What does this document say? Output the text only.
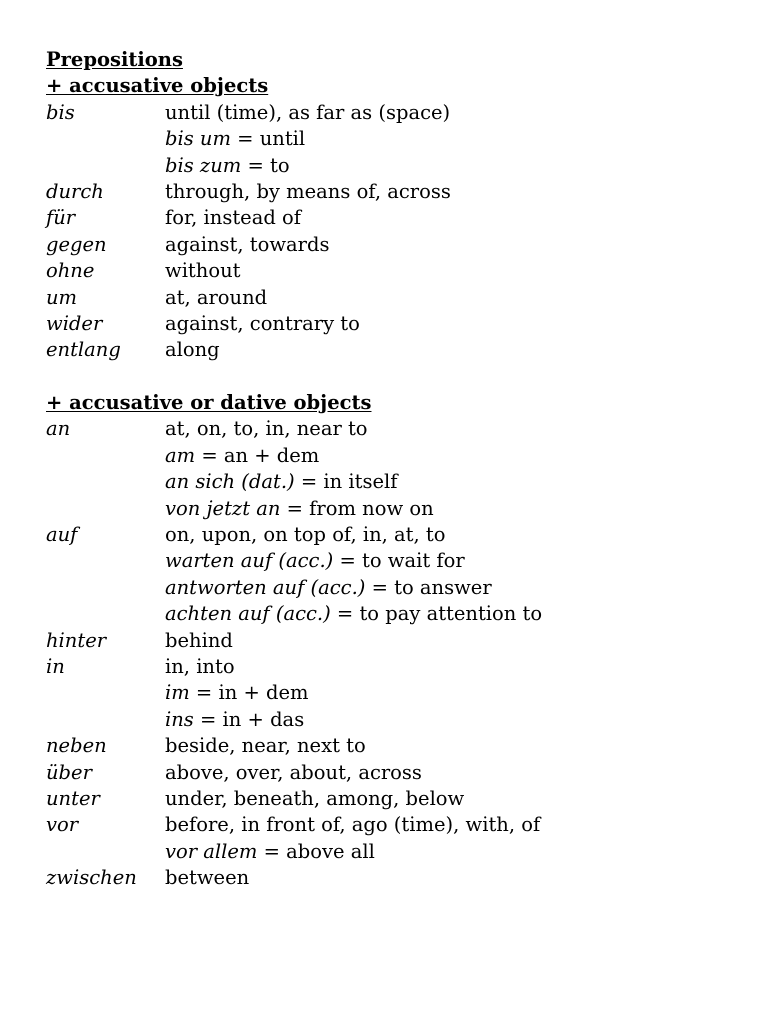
Prepositions
+ accusative objects
bis	until (time), as far as (space)
bis um = until
bis zum = to
durch	through, by means of, across
für	for, instead of
gegen	against, towards
ohne	without
um	at, around
wider	against, contrary to
entlang along
+ accusative or dative objects
an	at, on, to, in, near to
am = an + dem
an sich (dat.) = in itself
von jetzt an = from now on
auf	on, upon, on top of, in, at, to
warten auf (acc.) = to wait for
antworten auf (acc.) = to answer
achten auf (acc.) = to pay attention to
hinter	behind
in	in, into
im = in + dem
ins = in + das
neben	beside, near, next to
über	above, over, about, across
unter	under, beneath, among, below
vor	before, in front of, ago (time), with, of
vor allem = above all
zwischen between
